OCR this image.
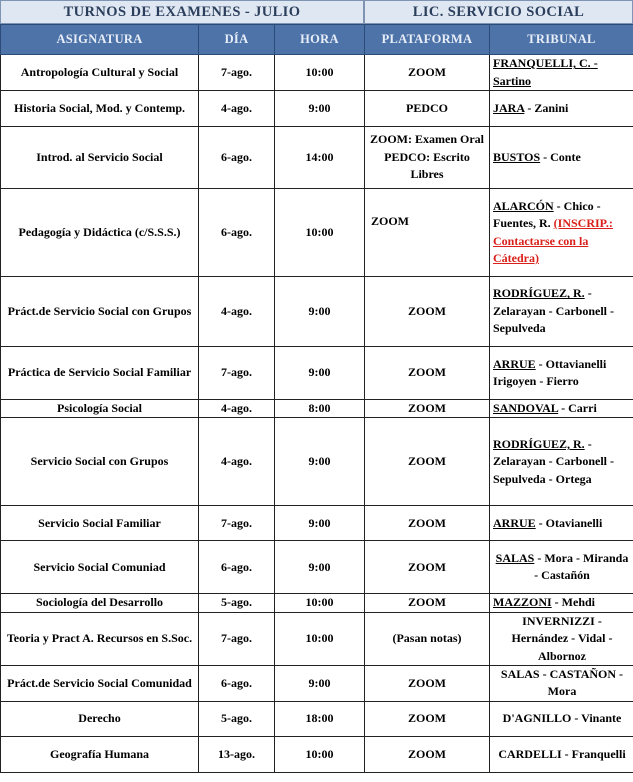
TURNOS DE EXAMENES - JULIO	LIC. SERVICIO SOCIAL
ASIGNATURA	DÍA	HORA	PLATAFORMA	TRIBUNAL
Antropología Cultural y Social	7-ago.	10:00	ZOOM	FRANQUELLI, C. - Sartino
Historia Social, Mod. y Contemp.	4-ago.	9:00	PEDCO	JARA - Zanini
Introd. al Servicio Social	6-ago.	14:00	ZOOM: Examen Oral PEDCO: Escrito Libres	BUSTOS - Conte
Pedagogía y Didáctica (c/S.S.S.)	6-ago.	10:00	ZOOM	ALARCÓN - Chico - Fuentes, R. (INSCRIP.: Contactarse con la Cátedra)
Práct.de Servicio Social con Grupos	4-ago.	9:00	ZOOM	RODRÍGUEZ, R. - Zelarayan - Carbonell - Sepulveda
Práctica de Servicio Social Familiar	7-ago.	9:00	ZOOM	ARRUE - Ottavianelli Irigoyen - Fierro
Psicología Social	4-ago.	8:00	ZOOM	SANDOVAL - Carri
Servicio Social con Grupos	4-ago.	9:00	ZOOM	RODRÍGUEZ, R. - Zelarayan - Carbonell - Sepulveda - Ortega
Servicio Social Familiar	7-ago.	9:00	ZOOM	ARRUE - Otavianelli
Servicio Social Comuniad	6-ago.	9:00	ZOOM	SALAS - Mora - Miranda - Castañón
Sociología del Desarrollo	5-ago.	10:00	ZOOM	MAZZONI - Mehdi
Teoria y Pract A. Recursos en S.Soc.	7-ago.	10:00	(Pasan notas)	INVERNIZZI - Hernández - Vidal - Albornoz
Práct.de Servicio Social Comunidad	6-ago.	9:00	ZOOM	SALAS - CASTAÑON - Mora
Derecho	5-ago.	18:00	ZOOM	D'AGNILLO - Vinante
Geografía Humana	13-ago.	10:00	ZOOM	CARDELLI - Franquelli
